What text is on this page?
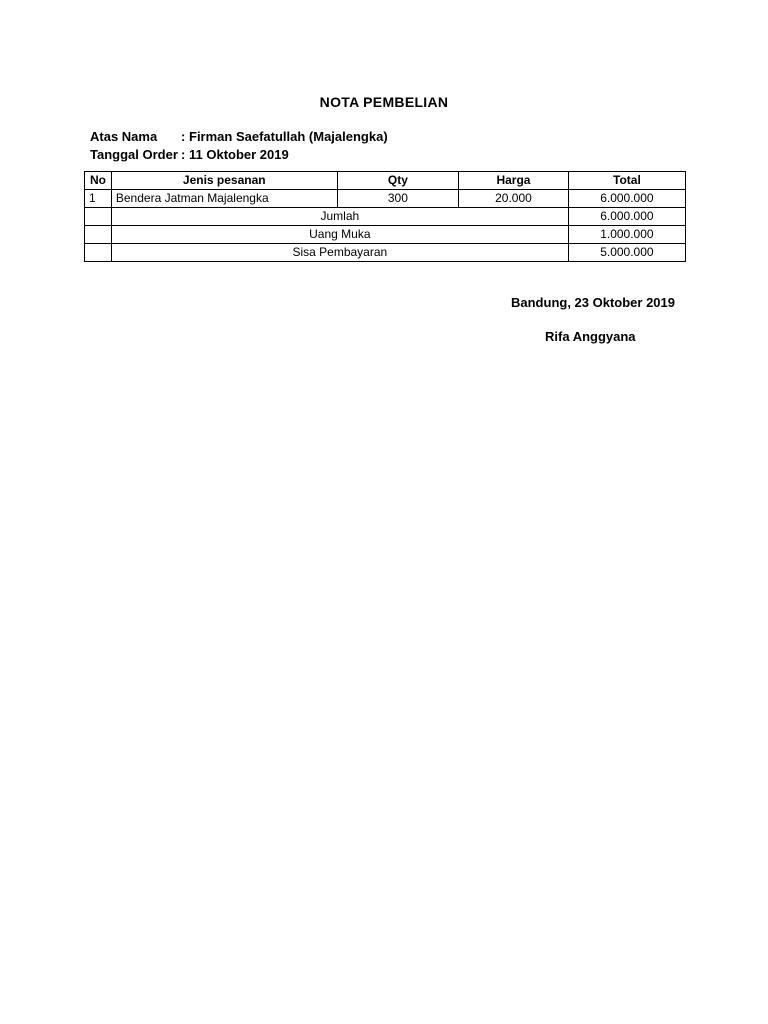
NOTA PEMBELIAN
Atas Nama	: Firman Saefatullah (Majalengka)
Tanggal Order : 11 Oktober 2019
No	Jenis pesanan	Qty	Harga	Total
1	Bendera Jatman Majalengka	300	20.000	6.000.000
	Jumlah			6.000.000
	Uang Muka			1.000.000
	Sisa Pembayaran			5.000.000
Bandung, 23 Oktober 2019
Rifa Anggyana
